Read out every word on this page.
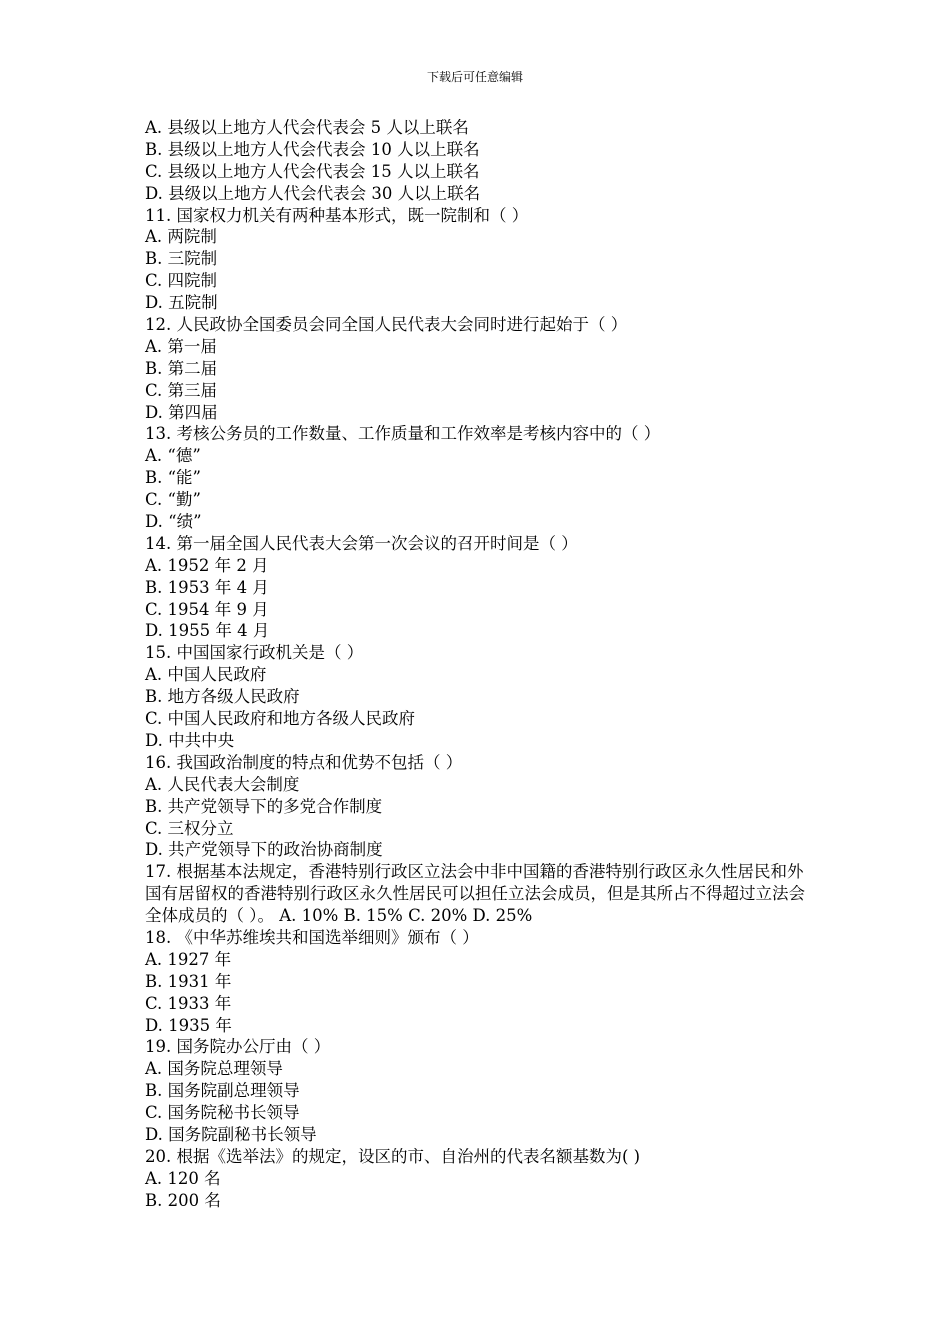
下载后可任意编辑
A. 县级以上地方人代会代表会 5 人以上联名
B. 县级以上地方人代会代表会 10 人以上联名
C. 县级以上地方人代会代表会 15 人以上联名
D. 县级以上地方人代会代表会 30 人以上联名
11. 国家权力机关有两种基本形式，既一院制和（ ）
A. 两院制
B. 三院制
C. 四院制
D. 五院制
12. 人民政协全国委员会同全国人民代表大会同时进行起始于（ ）
A. 第一届
B. 第二届
C. 第三届
D. 第四届
13. 考核公务员的工作数量、工作质量和工作效率是考核内容中的（ ）
A. “德”
B. “能”
C. “勤”
D. “绩”
14. 第一届全国人民代表大会第一次会议的召开时间是（ ）
A. 1952 年 2 月
B. 1953 年 4 月
C. 1954 年 9 月
D. 1955 年 4 月
15. 中国国家行政机关是（ ）
A. 中国人民政府
B. 地方各级人民政府
C. 中国人民政府和地方各级人民政府
D. 中共中央
16. 我国政治制度的特点和优势不包括（ ）
A. 人民代表大会制度
B. 共产党领导下的多党合作制度
C. 三权分立
D. 共产党领导下的政治协商制度
17. 根据基本法规定，香港特别行政区立法会中非中国籍的香港特别行政区永久性居民和外国有居留权的香港特别行政区永久性居民可以担任立法会成员，但是其所占不得超过立法会全体成员的（ ）。 A. 10% B. 15% C. 20% D. 25%
18. 《中华苏维埃共和国选举细则》颁布（ ）
A. 1927 年
B. 1931 年
C. 1933 年
D. 1935 年
19. 国务院办公厅由（ ）
A. 国务院总理领导
B. 国务院副总理领导
C. 国务院秘书长领导
D. 国务院副秘书长领导
20. 根据《选举法》的规定，设区的市、自治州的代表名额基数为( )
A. 120 名
B. 200 名
